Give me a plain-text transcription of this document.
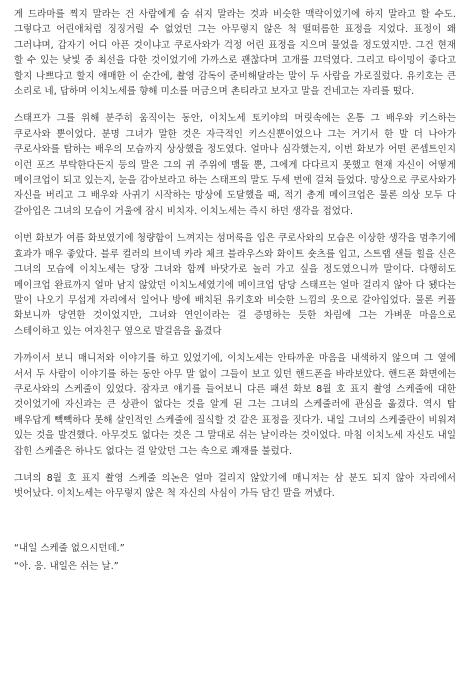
게 드라마를 찍지 말라는 건 사람에게 숨 쉬지 말라는 것과 비슷한 맥락이었기에 하지 말라고 할 수도. 그렇다고 어린애처럼 징징거릴 수 없었던 그는 아무렇지 않은 척 떨떠름한 표정을 지었다. 표정이 왜 그러냐며, 갑자기 어디 아픈 것이냐고 쿠로사와가 걱정 어린 표정을 지으며 물었을 정도였지만. 그건 현재 할 수 있는 낮빛 중 최선을 다한 것이었기에 가까스로 괜찮다며 고개를 끄덕였다. 그리고 타이밍이 좋다고 할지 나쁘다고 할지 애매한 이 순간에, 촬영 감독이 준비해달라는 말이 두 사람을 가로질렀다. 유키호는 큰 소리로 네, 답하며 이치노세를 향해 미소를 머금으며 촌티라고 보자고 말을 건네고는 자리를 떴다.

스태프가 그를 위해 분주히 움직이는 동안, 이치노세 토키야의 머릿속에는 온통 그 배우와 키스하는 쿠로사와 뿐이었다. 분명 그녀가 말한 것은 자극적인 키스신뿐이었으나 그는 거기서 한 발 더 나아가 쿠로사와를 탐하는 배우의 모습까지 상상했을 정도였다. 얼마나 심각했는지, 이번 화보가 어떤 콘셉트인지 이런 포즈 부탁한다든지 등의 말은 그의 귀 주위에 맴돌 뿐, 그에게 다다르지 못했고 현재 자신이 어떻게 메이크업이 되고 있는지, 눈을 감아보라고 하는 스태프의 말도 두세 번에 걸쳐 들었다. 망상으로 쿠로사와가 자신을 버리고 그 배우와 사귀기 시작하는 망상에 도달했을 때, 적기 총계 메이크업은 물론 의상 모두 다 갈아입은 그녀의 모습이 거울에 잠시 비치자. 이치노세는 즉시 하던 생각을 접었다.

이번 화보가 여름 화보였기에 청량함이 느껴지는 섬머룩을 입은 쿠로사와의 모습은 이상한 생각을 멈추기에 효과가 매우 좋았다. 블루 컬러의 브이넥 카라 체크 블라우스와 화이트 숏츠를 입고, 스트랩 샌들 힐을 신은 그녀의 모습에 이치노세는 당장 그녀와 함께 바닷가로 놀러 가고 싶을 정도였으니까 말이다. 다행히도 메이크업 완료까지 얼마 남지 않았던 이치노세였기에 메이크업 담당 스태프는 얼마 걸리지 않아 다 됐다는 말이 나오기 무섭게 자리에서 일어나 방에 배치된 유키호와 비슷한 느낌의 옷으로 갈아입었다. 물론 커플 화보니까 당연한 것이었지만, 그녀와 연인이라는 걸 증명하는 듯한 차림에 그는 가벼운 마음으로 스테이하고 있는 여자친구 옆으로 발걸음을 옮겼다

가까이서 보니 매니저와 이야기를 하고 있었기에, 이치노세는 안타까운 마음을 내색하지 않으며 그 옆에 서서 두 사람이 이야기를 하는 동안 아무 말 없이 그들이 보고 있던 핸드폰을 바라보았다. 핸드폰 화면에는 쿠로사와의 스케줄이 있었다. 잠자코 얘기를 들어보니 다른 패션 화보 8월 호 표지 촬영 스케줄에 대한 것이었기에 자신과는 큰 상관이 없다는 것을 알게 된 그는 그녀의 스케줄러에 관심을 옮겼다. 역시 탑 배우답게 빽빽하다 못해 살인적인 스케줄에 질식할 것 같은 표정을 짓다가. 내일 그녀의 스케줄란이 비워져 있는 것을 발견했다. 아무것도 없다는 것은 그 말대로 쉬는 날이라는 것이었다. 마침 이치노세 자신도 내일 잡힌 스케줄은 하나도 없다는 걸 알았던 그는 속으로 쾌재를 불렀다.

그녀의 8월 호 표지 촬영 스케줄 의논은 얼마 걸리지 않았기에 매니저는 삼 분도 되지 않아 자리에서 벗어났다. 이치노세는 아무렇지 않은 척 자신의 사심이 가득 담긴 말을 꺼냈다.

“내일 스케줄 없으시던데.”

“아. 응. 내일은 쉬는 날.”
